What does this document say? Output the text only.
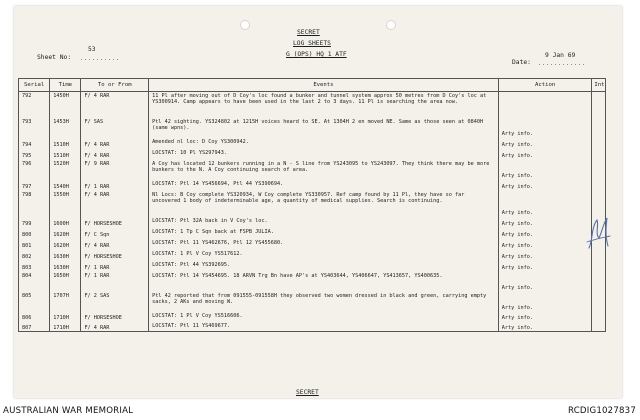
SECRET
LOG SHEETS
G (OPS) HQ 1 ATF
Sheet No:
53
..........	Date:
9 Jan 69
............
Serial	Time	To or From	Events	Action	Int
792	1450H	F/ 4 RAR	11 Pl after moving out of D Coy's loc found a bunker and tunnel system approx 50 metres from D Coy's loc at YS300914. Camp appears to have been used in the last 2 to 3 days. 11 Pl is searching the area now.		
793	1453H	F/ SAS	Ptl 42 sighting. YS324802 at 1215H voices heard to SE. At 1304H 2 en moved NE. Same as those seen at 0840H (same wpns).	Arty info.	
794	1510H	F/ 4 RAR	Amended nl loc: D Coy YS300942.	Arty info.	
795	1510H	F/ 4 RAR	LOCSTAT: 10 Pl YS297943.	Arty info.	
796	1520H	F/ 9 RAR	A Coy has located 12 bunkers running in a N - S line from YS243095 to YS243097. They think there may be more bunkers to the N. A Coy continuing search of area.	Arty info.	
797	1540H	F/ 1 RAR	LOCSTAT: Ptl 14 YS456694, Ptl 44 YS390694.	Arty info.	
798	1550H	F/ 4 RAR	Nl Locs: B Coy complete YS320934, W Coy complete YS330957. Ref camp found by 11 Pl, they have so far uncovered 1 body of indeterminable age, a quantity of medical supplies. Search is continuing.	Arty info.	
799	1600H	F/ HORSESHOE	LOCSTAT: Ptl 32A back in V Coy's loc.	Arty info.	
800	1620H	F/ C Sqn	LOCSTAT: 1 Tp C Sqn back at FSPB JULIA.	Arty info.	
801	1620H	F/ 4 RAR	LOCSTAT: Ptl 11 YS462676, Ptl 12 YS455680.	Arty info.	
802	1630H	F/ HORSESHOE	LOCSTAT: 1 Pl V Coy YS517612.	Arty info.	
803	1630H	F/ 1 RAR	LOCSTAT: Ptl 44 YS392695.	Arty info.	
804	1650H	F/ 1 RAR	LOCSTAT: Ptl 14 YS454695. 18 ARVN Trg Bn have AP's at YS403644, YS406647, YS413657, YS400635.	Arty info.	
805	1707H	F/ 2 SAS	Ptl 42 reported that from 091555-091558H they observed two women dressed in black and green, carrying empty sacks, 2 AKs and moving W.	Arty info.	
806	1710H	F/ HORSESHOE	LOCSTAT: 1 Pl V Coy YS516606.	Arty info.	
807	1710H	F/ 4 RAR	LOCSTAT: Ptl 11 YS469677.	Arty info.	
SECRET
AUSTRALIAN WAR MEMORIAL	RCDIG1027837
